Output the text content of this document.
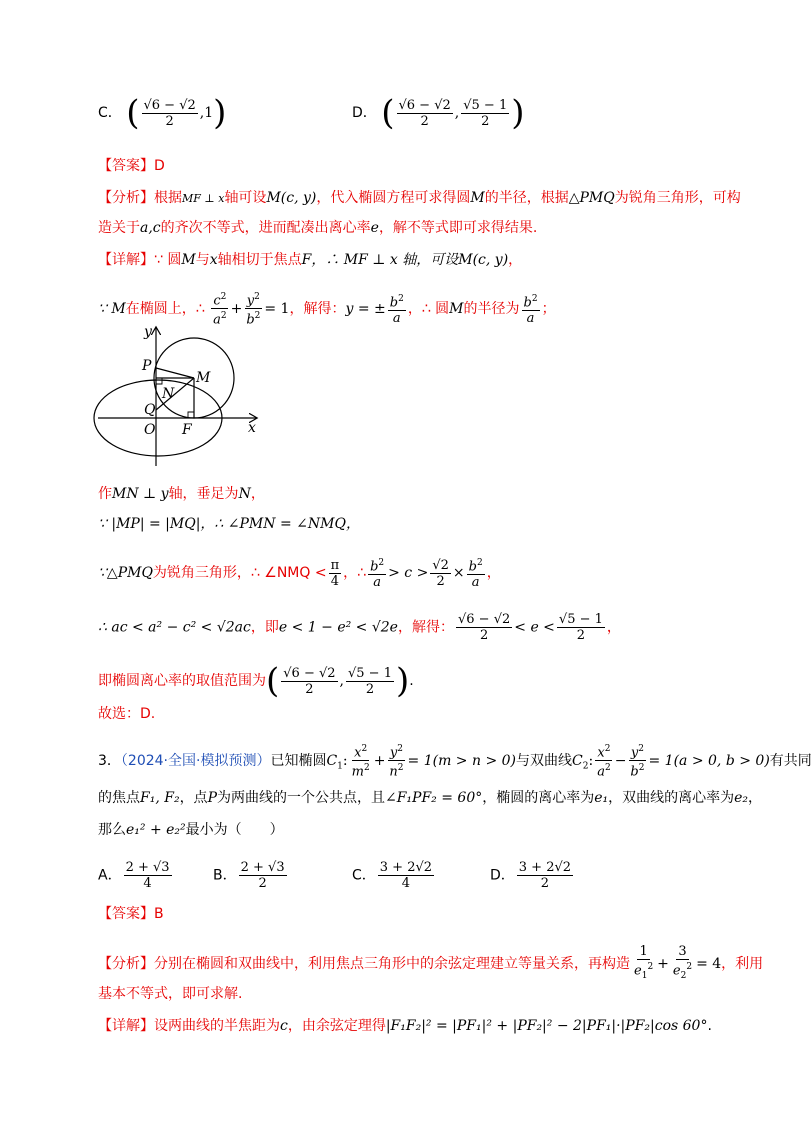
C． ( $\frac{√6 - √2}{2} ,1$)	D． ( $\frac{√6 - √2}{2}$ , $\frac{√5 - 1}{2}$ )
【答案】D
【分析】根据MF ⊥ x轴可设M(c, y)，代入椭圆方程可求得圆M的半径，根据△PMQ为锐角三角形，可构
造关于a,c的齐次不等式，进而配凑出离心率e，解不等式即可求得结果.
【详解】∵ 圆M与x轴相切于焦点F，∴ MF ⊥ x 轴，可设M(c, y)，
∵ M在椭圆上，∴ $\frac{c^2}{a^2} + \frac{y^2}{b^2} = 1$，解得：y = ± $\frac{b^2}{a}$ ，∴ 圆M的半径为 $\frac{b^2}{a}$ ；
y
x
P
M
N
Q
O F
作MN ⊥ y轴，垂足为N，
∵ |MP| = |MQ|，∴ ∠PMN = ∠NMQ，
∵△PMQ为锐角三角形，∴ ∠NMQ < $\frac{\pi}{4}$ ，∴ $\frac{b^2}{a} > c > \frac{√2}{2} \times \frac{b^2}{a}$ ，
∴ ac < a² − c² < √2ac，即e < 1 − e² < √2e，解得： $\frac{√6 - √2}{2} < e < \frac{√5 - 1}{2}$ ，
即椭圆离心率的取值范围为( $\frac{√6 - √2}{2}$ , $\frac{√5 - 1}{2}$ ).
故选：D.
3．（2024·全国·模拟预测）已知椭圆$C_1$: $\frac{x^2}{m^2} + \frac{y^2}{n^2} = 1(m > n > 0)$与双曲线$C_2$: $\frac{x^2}{a^2} - \frac{y^2}{b^2} = 1(a > 0$, b > 0)有共同
的焦点F₁, F₂，点P为两曲线的一个公共点，且∠F₁PF₂ = 60°，椭圆的离心率为e₁，双曲线的离心率为e₂，
那么e₁² + e₂²最小为（　　）
A． $\frac{2 + √3}{4}$	B． $\frac{2 + √3}{2}$	C． $\frac{3 + 2√2}{4}$	D． $\frac{3 + 2√2}{2}$
【答案】B
【分析】分别在椭圆和双曲线中，利用焦点三角形中的余弦定理建立等量关系，再构造 $\frac{1}{e_1^2} + \frac{3}{e_2^2} = 4$，利用
基本不等式，即可求解.
【详解】设两曲线的半焦距为c，由余弦定理得|F₁F₂|² = |PF₁|² + |PF₂|² − 2|PF₁|·|PF₂|cos 60°.
